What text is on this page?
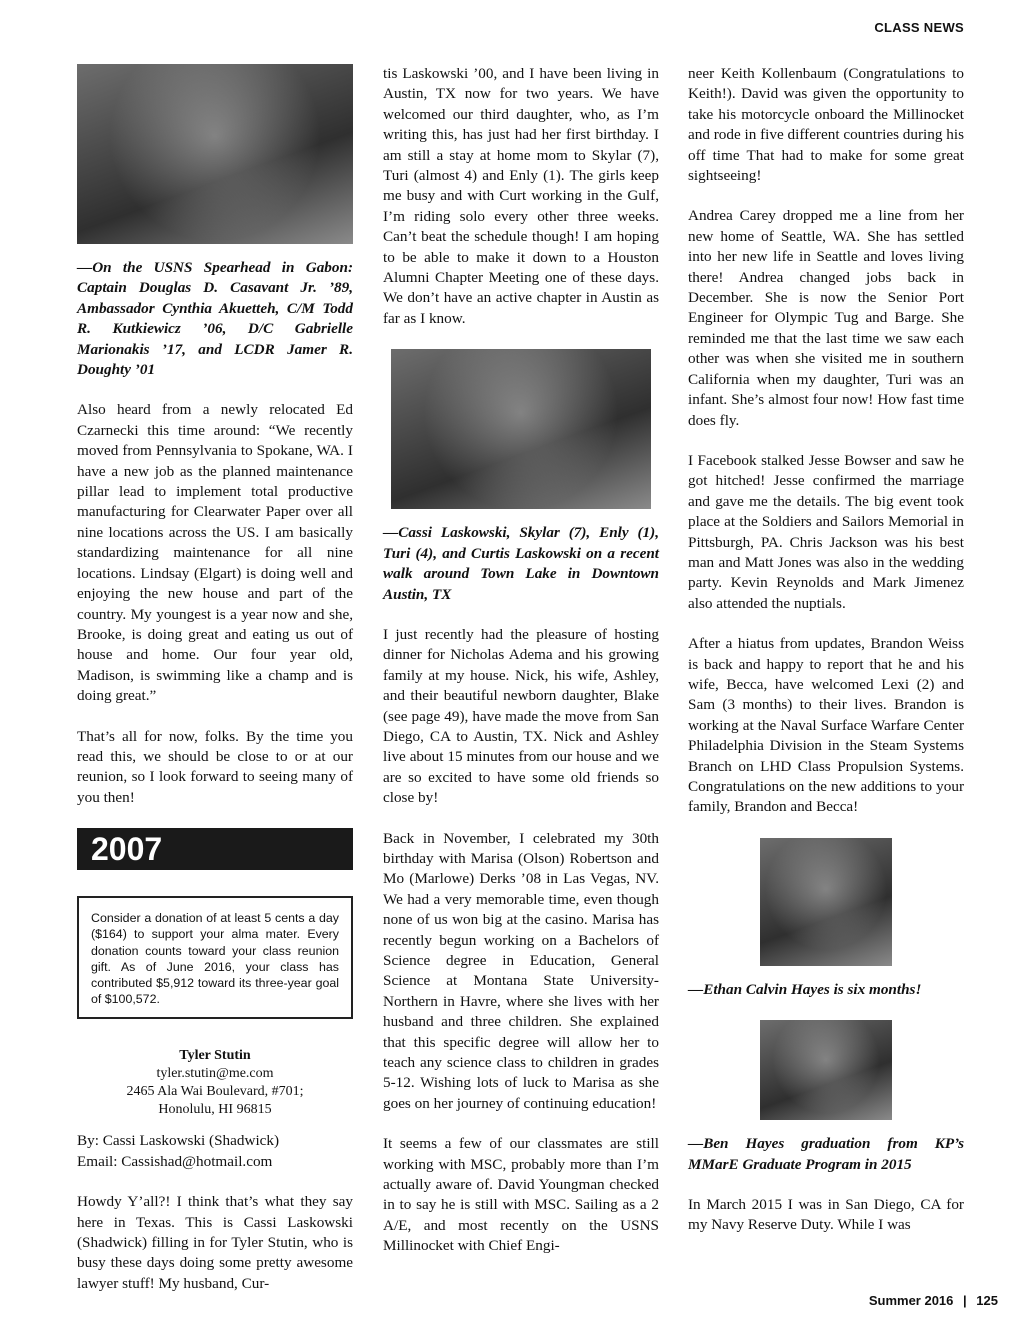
CLASS NEWS
—On the USNS Spearhead in Gabon: Captain Douglas D. Casavant Jr. ’89, Ambassador Cynthia Akuetteh, C/M Todd R. Kutkiewicz ’06, D/C Gabrielle Marionakis ’17, and LCDR Jamer R. Doughty ’01

Also heard from a newly relocated Ed Czarnecki this time around: “We recently moved from Pennsylvania to Spokane, WA. I have a new job as the planned maintenance pillar lead to implement total productive manufacturing for Clearwater Paper over all nine locations across the US. I am basically standardizing maintenance for all nine locations. Lindsay (Elgart) is doing well and enjoying the new house and part of the country. My youngest is a year now and she, Brooke, is doing great and eating us out of house and home. Our four year old, Madison, is swimming like a champ and is doing great.”

That’s all for now, folks. By the time you read this, we should be close to or at our reunion, so I look forward to seeing many of you then!

2007
Consider a donation of at least 5 cents a day ($164) to support your alma mater. Every donation counts toward your class reunion gift. As of June 2016, your class has contributed $5,912 toward its three-year goal of $100,572.
Tyler Stutin
tyler.stutin@me.com
2465 Ala Wai Boulevard, #701;
Honolulu, HI 96815
By: Cassi Laskowski (Shadwick)

Email: Cassishad@hotmail.com

Howdy Y’all?! I think that’s what they say here in Texas. This is Cassi Laskowski (Shadwick) filling in for Tyler Stutin, who is busy these days doing some pretty awesome lawyer stuff! My husband, Cur-

tis Laskowski ’00, and I have been living in Austin, TX now for two years. We have welcomed our third daughter, who, as I’m writing this, has just had her first birthday. I am still a stay at home mom to Skylar (7), Turi (almost 4) and Enly (1). The girls keep me busy and with Curt working in the Gulf, I’m riding solo every other three weeks. Can’t beat the schedule though! I am hoping to be able to make it down to a Houston Alumni Chapter Meeting one of these days. We don’t have an active chapter in Austin as far as I know.

—Cassi Laskowski, Skylar (7), Enly (1), Turi (4), and Curtis Laskowski on a recent walk around Town Lake in Downtown Austin, TX

I just recently had the pleasure of hosting dinner for Nicholas Adema and his growing family at my house. Nick, his wife, Ashley, and their beautiful newborn daughter, Blake (see page 49), have made the move from San Diego, CA to Austin, TX. Nick and Ashley live about 15 minutes from our house and we are so excited to have some old friends so close by!

Back in November, I celebrated my 30th birthday with Marisa (Olson) Robertson and Mo (Marlowe) Derks ’08 in Las Vegas, NV. We had a very memorable time, even though none of us won big at the casino. Marisa has recently begun working on a Bachelors of Science degree in Education, General Science at Montana State University-Northern in Havre, where she lives with her husband and three children. She explained that this specific degree will allow her to teach any science class to children in grades 5-12. Wishing lots of luck to Marisa as she goes on her journey of continuing education!

It seems a few of our classmates are still working with MSC, probably more than I’m actually aware of. David Youngman checked in to say he is still with MSC. Sailing as a 2 A/E, and most recently on the USNS Millinocket with Chief Engi-

neer Keith Kollenbaum (Congratulations to Keith!). David was given the opportunity to take his motorcycle onboard the Millinocket and rode in five different countries during his off time That had to make for some great sightseeing!

Andrea Carey dropped me a line from her new home of Seattle, WA. She has settled into her new life in Seattle and loves living there! Andrea changed jobs back in December. She is now the Senior Port Engineer for Olympic Tug and Barge. She reminded me that the last time we saw each other was when she visited me in southern California when my daughter, Turi was an infant. She’s almost four now! How fast time does fly.

I Facebook stalked Jesse Bowser and saw he got hitched! Jesse confirmed the marriage and gave me the details. The big event took place at the Soldiers and Sailors Memorial in Pittsburgh, PA. Chris Jackson was his best man and Matt Jones was also in the wedding party. Kevin Reynolds and Mark Jimenez also attended the nuptials.

After a hiatus from updates, Brandon Weiss is back and happy to report that he and his wife, Becca, have welcomed Lexi (2) and Sam (3 months) to their lives. Brandon is working at the Naval Surface Warfare Center Philadelphia Division in the Steam Systems Branch on LHD Class Propulsion Systems. Congratulations on the new additions to your family, Brandon and Becca!

—Ethan Calvin Hayes is six months!
—Ben Hayes graduation from KP’s MMarE Graduate Program in 2015

In March 2015 I was in San Diego, CA for my Navy Reserve Duty. While I was

Summer 2016 | 125
